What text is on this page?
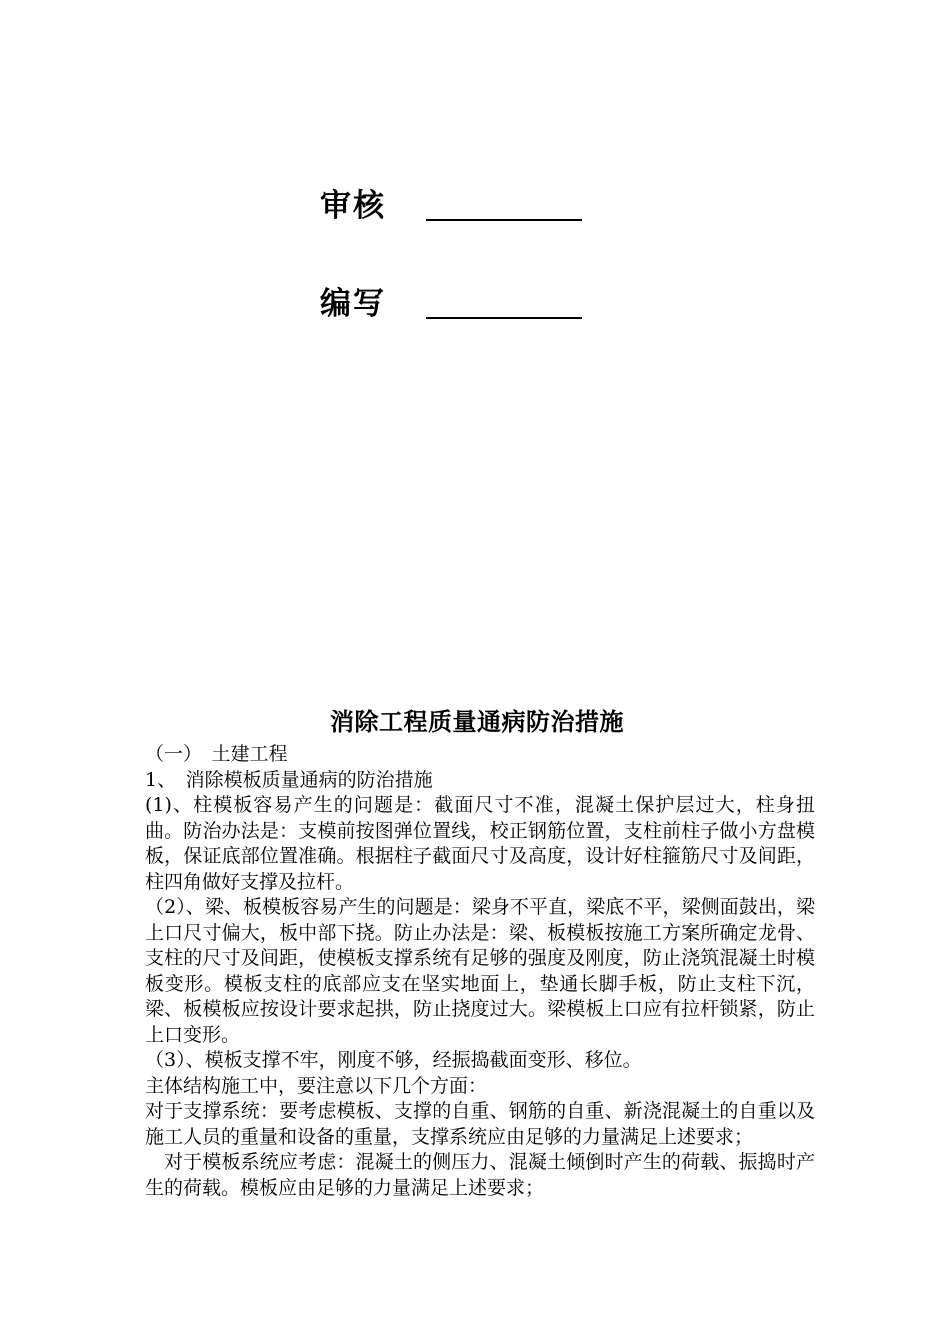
审核
编写
消除工程质量通病防治措施

（一）　土建工程

1、　消除模板质量通病的防治措施

(1)、柱模板容易产生的问题是：截面尺寸不准，混凝土保护层过大，柱身扭曲。防治办法是：支模前按图弹位置线，校正钢筋位置，支柱前柱子做小方盘模板，保证底部位置准确。根据柱子截面尺寸及高度，设计好柱箍筋尺寸及间距，柱四角做好支撑及拉杆。

（2）、梁、板模板容易产生的问题是：梁身不平直，梁底不平，梁侧面鼓出，梁上口尺寸偏大，板中部下挠。防止办法是：梁、板模板按施工方案所确定龙骨、支柱的尺寸及间距，使模板支撑系统有足够的强度及刚度，防止浇筑混凝土时模板变形。模板支柱的底部应支在坚实地面上，垫通长脚手板，防止支柱下沉，梁、板模板应按设计要求起拱，防止挠度过大。梁模板上口应有拉杆锁紧，防止上口变形。

（3）、模板支撑不牢，刚度不够，经振捣截面变形、移位。

主体结构施工中，要注意以下几个方面：

对于支撑系统：要考虑模板、支撑的自重、钢筋的自重、新浇混凝土的自重以及施工人员的重量和设备的重量，支撑系统应由足够的力量满足上述要求；

对于模板系统应考虑：混凝土的侧压力、混凝土倾倒时产生的荷载、振捣时产生的荷载。模板应由足够的力量满足上述要求；
